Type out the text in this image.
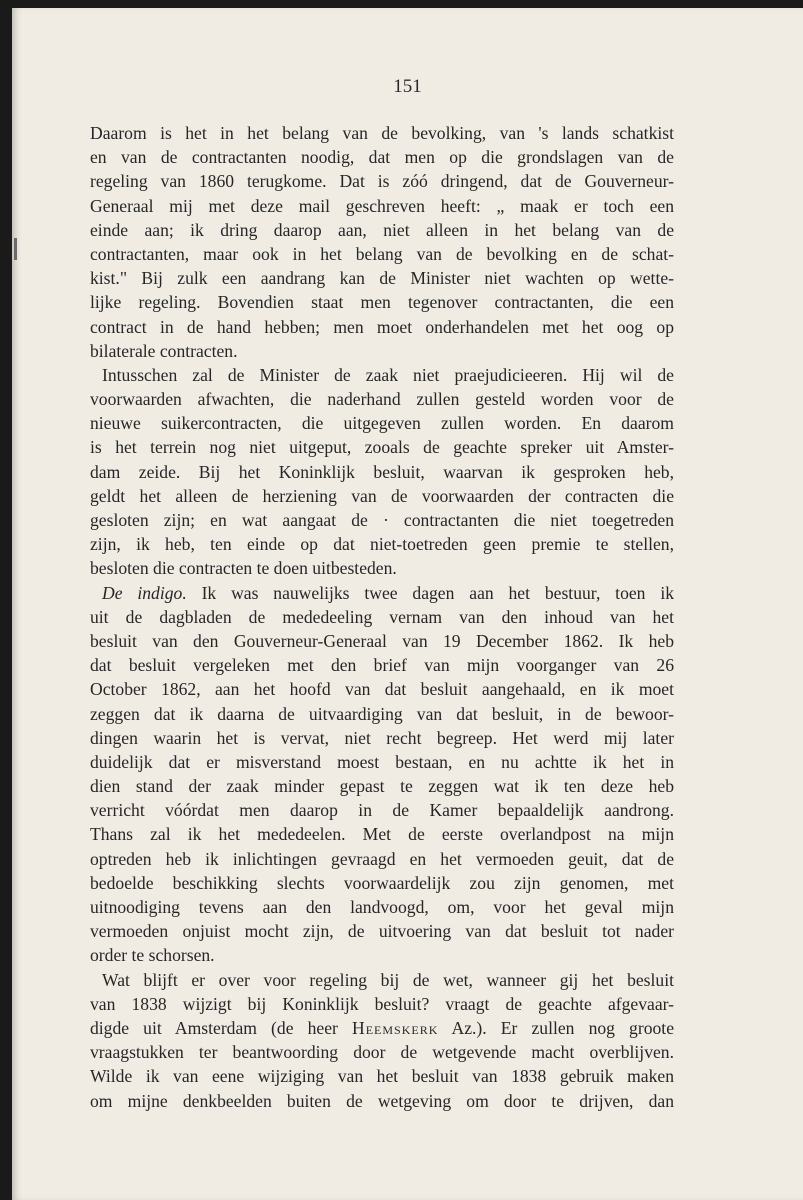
151
Daarom is het in het belang van de bevolking, van 's lands schatkist
en van de contractanten noodig, dat men op die grondslagen van de
regeling van 1860 terugkome. Dat is zóó dringend, dat de Gouverneur-
Generaal mij met deze mail geschreven heeft: „ maak er toch een
einde aan; ik dring daarop aan, niet alleen in het belang van de
contractanten, maar ook in het belang van de bevolking en de schat-
kist." Bij zulk een aandrang kan de Minister niet wachten op wette-
lijke regeling. Bovendien staat men tegenover contractanten, die een
contract in de hand hebben; men moet onderhandelen met het oog op
bilaterale contracten.
Intusschen zal de Minister de zaak niet praejudicieeren. Hij wil de
voorwaarden afwachten, die naderhand zullen gesteld worden voor de
nieuwe suikercontracten, die uitgegeven zullen worden. En daarom
is het terrein nog niet uitgeput, zooals de geachte spreker uit Amster-
dam zeide. Bij het Koninklijk besluit, waarvan ik gesproken heb,
geldt het alleen de herziening van de voorwaarden der contracten die
gesloten zijn; en wat aangaat de · contractanten die niet toegetreden
zijn, ik heb, ten einde op dat niet-toetreden geen premie te stellen,
besloten die contracten te doen uitbesteden.
De indigo. Ik was nauwelijks twee dagen aan het bestuur, toen ik
uit de dagbladen de mededeeling vernam van den inhoud van het
besluit van den Gouverneur-Generaal van 19 December 1862. Ik heb
dat besluit vergeleken met den brief van mijn voorganger van 26
October 1862, aan het hoofd van dat besluit aangehaald, en ik moet
zeggen dat ik daarna de uitvaardiging van dat besluit, in de bewoor-
dingen waarin het is vervat, niet recht begreep. Het werd mij later
duidelijk dat er misverstand moest bestaan, en nu achtte ik het in
dien stand der zaak minder gepast te zeggen wat ik ten deze heb
verricht vóórdat men daarop in de Kamer bepaaldelijk aandrong.
Thans zal ik het mededeelen. Met de eerste overlandpost na mijn
optreden heb ik inlichtingen gevraagd en het vermoeden geuit, dat de
bedoelde beschikking slechts voorwaardelijk zou zijn genomen, met
uitnoodiging tevens aan den landvoogd, om, voor het geval mijn
vermoeden onjuist mocht zijn, de uitvoering van dat besluit tot nader
order te schorsen.
Wat blijft er over voor regeling bij de wet, wanneer gij het besluit
van 1838 wijzigt bij Koninklijk besluit? vraagt de geachte afgevaar-
digde uit Amsterdam (de heer Heemskerk Az.). Er zullen nog groote
vraagstukken ter beantwoording door de wetgevende macht overblijven.
Wilde ik van eene wijziging van het besluit van 1838 gebruik maken
om mijne denkbeelden buiten de wetgeving om door te drijven, dan
